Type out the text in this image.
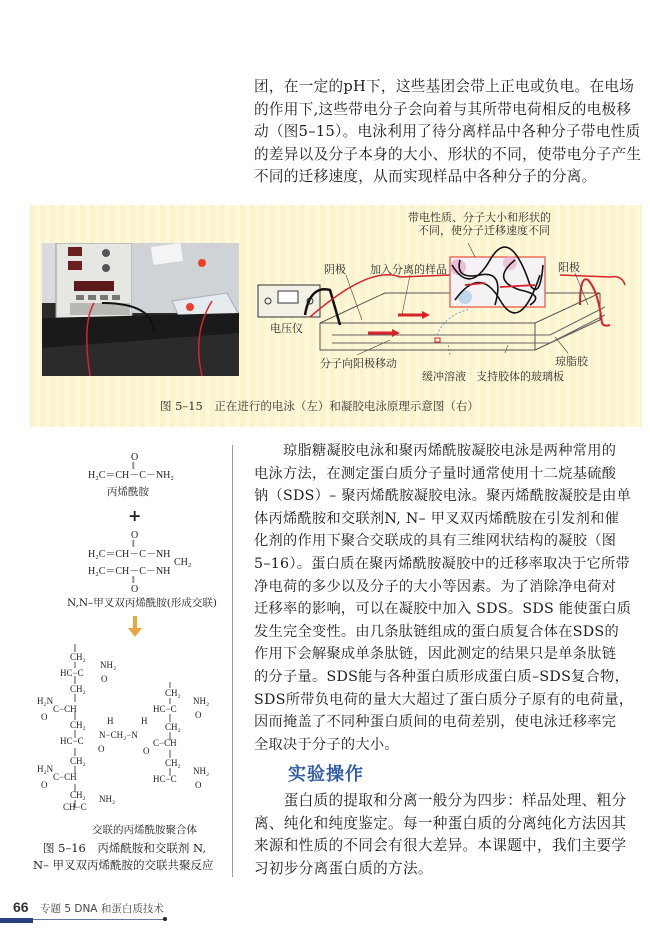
团，在一定的pH下，这些基团会带上正电或负电。在电场
的作用下,这些带电分子会向着与其所带电荷相反的电极移
动（图5–15）。电泳利用了待分离样品中各种分子带电性质
的差异以及分子本身的大小、形状的不同，使带电分子产生
不同的迁移速度，从而实现样品中各种分子的分离。
带电性质、分子大小和形状的
不同，使分子迁移速度不同
阴极 加入分离的样品	阳极
电压仪
分子向阳极移动
缓冲溶液 支持胶体的玻璃板
琼脂胶
图 5–15　正在进行的电泳（左）和凝胶电泳原理示意图（右）
O
‖
H₂C＝CH－C－NH₂
丙烯酰胺
+
O
‖
H₂C＝CH－C－NH
CH₂
H₂C＝CH－C－NH
‖
O
N,N–甲叉双丙烯酰胺(形成交联)
CH₂
HC−C
NH₂
O
CH₂
H₂N
O
C−CH
CH₂ H	H
HC−C
N−CH₂−N
O	O
C−CH
CH₂
H₂N
O
C−CH
CH₂
CH−C
NH₂
CH₂
HC−C
NH₂
O
CH₂
CH₂
HC−C
NH₂
O
交联的丙烯酰胺聚合体
图 5–16　丙烯酰胺和交联剂 N,
N– 甲叉双丙烯酰胺的交联共聚反应
　　琼脂糖凝胶电泳和聚丙烯酰胺凝胶电泳是两种常用的
电泳方法，在测定蛋白质分子量时通常使用十二烷基硫酸
钠（SDS）– 聚丙烯酰胺凝胶电泳。聚丙烯酰胺凝胶是由单
体丙烯酰胺和交联剂N, N– 甲叉双丙烯酰胺在引发剂和催
化剂的作用下聚合交联成的具有三维网状结构的凝胶（图
5–16）。蛋白质在聚丙烯酰胺凝胶中的迁移率取决于它所带
净电荷的多少以及分子的大小等因素。为了消除净电荷对
迁移率的影响，可以在凝胶中加入 SDS。SDS 能使蛋白质
发生完全变性。由几条肽链组成的蛋白质复合体在SDS的
作用下会解聚成单条肽链，因此测定的结果只是单条肽链
的分子量。SDS能与各种蛋白质形成蛋白质–SDS复合物，
SDS所带负电荷的量大大超过了蛋白质分子原有的电荷量，
因而掩盖了不同种蛋白质间的电荷差别，使电泳迁移率完
全取决于分子的大小。
实验操作
　　蛋白质的提取和分离一般分为四步：样品处理、粗分
离、纯化和纯度鉴定。每一种蛋白质的分离纯化方法因其
来源和性质的不同会有很大差异。本课题中，我们主要学
习初步分离蛋白质的方法。
66 专题 5 DNA 和蛋白质技术
